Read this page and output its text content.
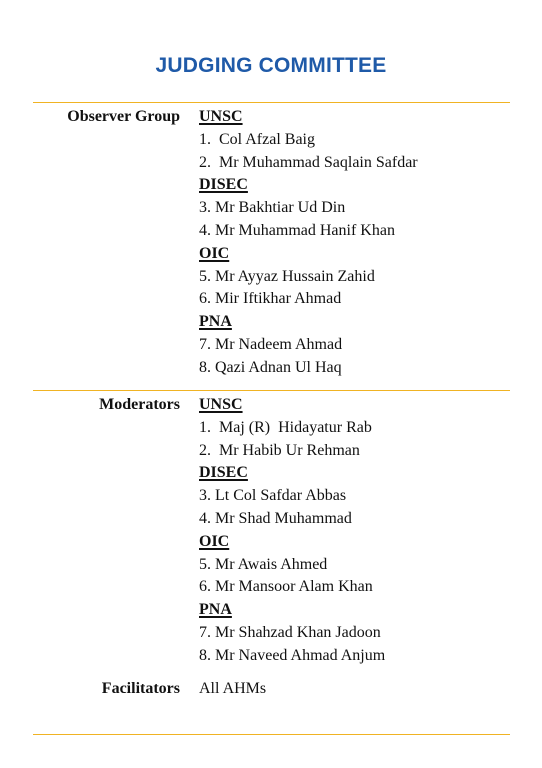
JUDGING COMMITTEE
Observer Group UNSC
1.  Col Afzal Baig
2.  Mr Muhammad Saqlain Safdar
DISEC
3. Mr Bakhtiar Ud Din
4. Mr Muhammad Hanif Khan
OIC
5. Mr Ayyaz Hussain Zahid
6. Mir Iftikhar Ahmad
PNA
7. Mr Nadeem Ahmad
8. Qazi Adnan Ul Haq
Moderators UNSC
1.  Maj (R)  Hidayatur Rab
2.  Mr Habib Ur Rehman
DISEC
3. Lt Col Safdar Abbas
4. Mr Shad Muhammad
OIC
5. Mr Awais Ahmed
6. Mr Mansoor Alam Khan
PNA
7. Mr Shahzad Khan Jadoon
8. Mr Naveed Ahmad Anjum
Facilitators All AHMs
